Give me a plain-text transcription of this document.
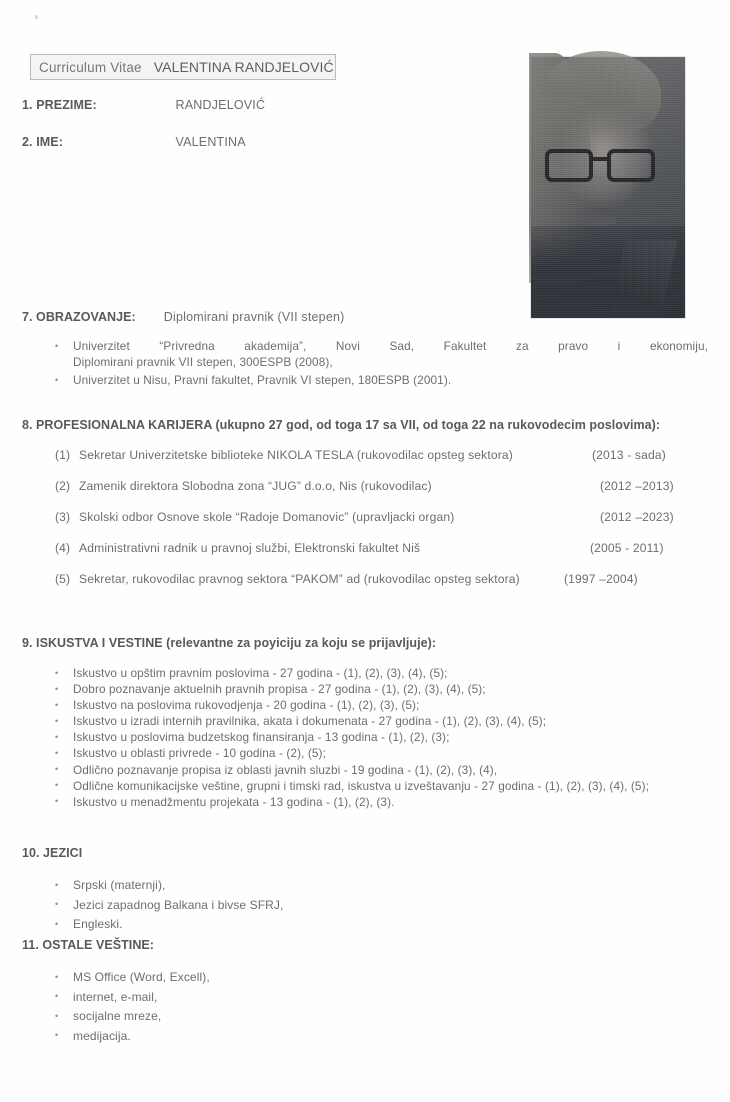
Curriculum Vitae VALENTINA RANDJELOVIĆ
1. PREZIME:	RANDJELOVIĆ
2. IME:	VALENTINA
7. OBRAZOVANJE: Diplomirani pravnik (VII stepen)
• Univerzitet “Privredna akademija”, Novi Sad, Fakultet za pravo i ekonomiju,
Diplomirani pravnik VII stepen, 300ESPB (2008),
• Univerzitet u Nisu, Pravni fakultet, Pravnik VI stepen, 180ESPB (2001).
8. PROFESIONALNA KARIJERA (ukupno 27 god, od toga 17 sa VII, od toga 22 na rukovodecim poslovima):
(1) Sekretar Univerzitetske biblioteke NIKOLA TESLA (rukovodilac opsteg sektora)	(2013 - sada)
(2) Zamenik direktora Slobodna zona “JUG” d.o.o, Nis (rukovodilac)	(2012 –2013)
(3) Skolski odbor Osnove skole “Radoje Domanovic” (upravljacki organ)	(2012 –2023)
(4) Administrativni radnik u pravnoj službi, Elektronski fakultet Niš	(2005 - 2011)
(5) Sekretar, rukovodilac pravnog sektora “PAKOM” ad (rukovodilac opsteg sektora)	(1997 –2004)
9. ISKUSTVA I VESTINE (relevantne za poyiciju za koju se prijavljuje):
• Iskustvo u opštim pravnim poslovima - 27 godina - (1), (2), (3), (4), (5);
• Dobro poznavanje aktuelnih pravnih propisa - 27 godina - (1), (2), (3), (4), (5);
• Iskustvo na poslovima rukovodjenja - 20 godina - (1), (2), (3), (5);
• Iskustvo u izradi internih pravilnika, akata i dokumenata - 27 godina - (1), (2), (3), (4), (5);
• Iskustvo u poslovima budzetskog finansiranja - 13 godina - (1), (2), (3);
• Iskustvo u oblasti privrede - 10 godina - (2), (5);
• Odlično poznavanje propisa iz oblasti javnih sluzbi - 19 godina - (1), (2), (3), (4),
• Odlične komunikacijske veštine, grupni i timski rad, iskustva u izveštavanju - 27 godina - (1), (2), (3), (4), (5);
• Iskustvo u menadžmentu projekata - 13 godina - (1), (2), (3).
10. JEZICI
• Srpski (maternji),
• Jezici zapadnog Balkana i bivse SFRJ,
• Engleski.
11. OSTALE VEŠTINE:
• MS Office (Word, Excell),
• internet, e-mail,
• socijalne mreze,
• medijacija.
